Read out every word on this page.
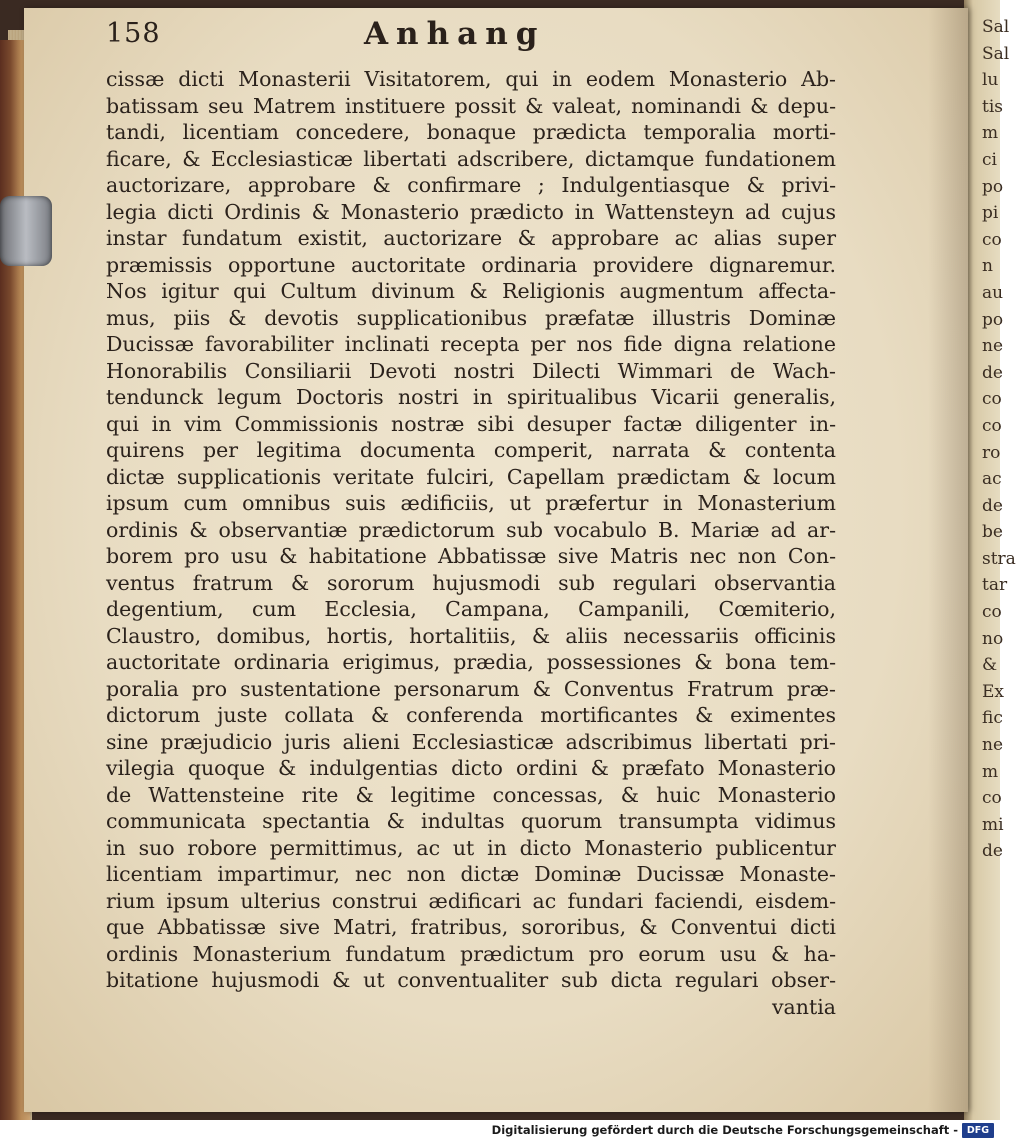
Sal
Sal
lu
tis
m
ci
po
pi
co
n
au
po
ne
de
co
co
ro
ac
de
be
stra
tar
co
no
&
Ex
fic
ne
m
co
mi
de
158	Anhang
cissæ dicti Monasterii Visitatorem, qui in eodem Monasterio Ab-
batissam seu Matrem instituere possit & valeat, nominandi & depu-
tandi, licentiam concedere, bonaque prædicta temporalia morti-
ficare, & Ecclesiasticæ libertati adscribere, dictamque fundationem
auctorizare, approbare & confirmare ; Indulgentiasque & privi-
legia dicti Ordinis & Monasterio prædicto in Wattensteyn ad cujus
instar fundatum existit, auctorizare & approbare ac alias super
præmissis opportune auctoritate ordinaria providere dignaremur.
Nos igitur qui Cultum divinum & Religionis augmentum affecta-
mus, piis & devotis supplicationibus præfatæ illustris Dominæ
Ducissæ favorabiliter inclinati recepta per nos fide digna relatione
Honorabilis Consiliarii Devoti nostri Dilecti Wimmari de Wach-
tendunck legum Doctoris nostri in spiritualibus Vicarii generalis,
qui in vim Commissionis nostræ sibi desuper factæ diligenter in-
quirens per legitima documenta comperit, narrata & contenta
dictæ supplicationis veritate fulciri, Capellam prædictam & locum
ipsum cum omnibus suis ædificiis, ut præfertur in Monasterium
ordinis & observantiæ prædictorum sub vocabulo B. Mariæ ad ar-
borem pro usu & habitatione Abbatissæ sive Matris nec non Con-
ventus fratrum & sororum hujusmodi sub regulari observantia
degentium, cum Ecclesia, Campana, Campanili, Cœmiterio,
Claustro, domibus, hortis, hortalitiis, & aliis necessariis officinis
auctoritate ordinaria erigimus, prædia, possessiones & bona tem-
poralia pro sustentatione personarum & Conventus Fratrum præ-
dictorum juste collata & conferenda mortificantes & eximentes
sine præjudicio juris alieni Ecclesiasticæ adscribimus libertati pri-
vilegia quoque & indulgentias dicto ordini & præfato Monasterio
de Wattensteine rite & legitime concessas, & huic Monasterio
communicata spectantia & indultas quorum transumpta vidimus
in suo robore permittimus, ac ut in dicto Monasterio publicentur
licentiam impartimur, nec non dictæ Dominæ Ducissæ Monaste-
rium ipsum ulterius construi ædificari ac fundari faciendi, eisdem-
que Abbatissæ sive Matri, fratribus, sororibus, & Conventui dicti
ordinis Monasterium fundatum prædictum pro eorum usu & ha-
bitatione hujusmodi & ut conventualiter sub dicta regulari obser-
vantia
Digitalisierung gefördert durch die Deutsche Forschungsgemeinschaft - DFG
